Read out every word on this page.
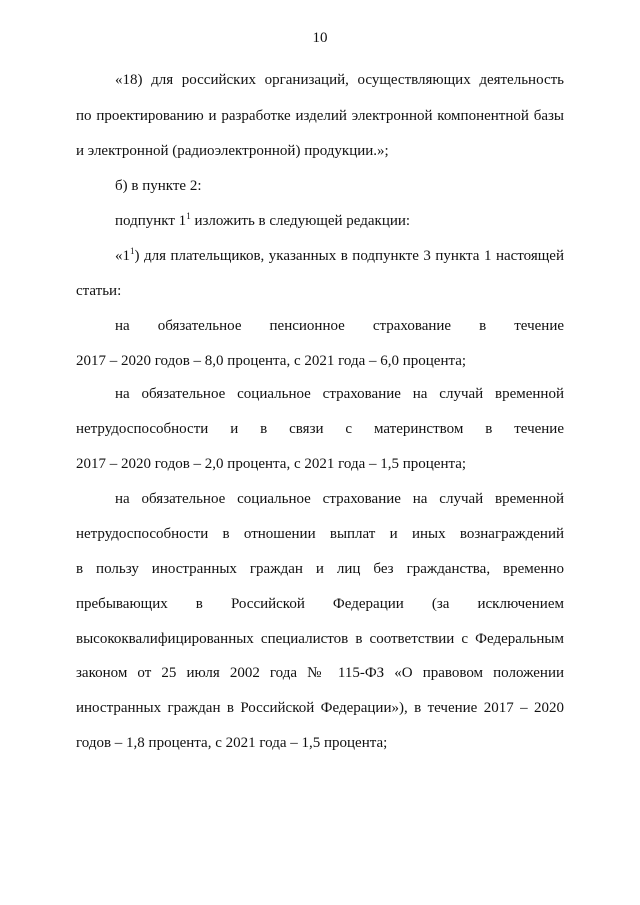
10
«18) для российских организаций, осуществляющих деятельность
по проектированию и разработке изделий электронной компонентной базы
и электронной (радиоэлектронной) продукции.»;
б) в пункте 2:
подпункт $1^1$ изложить в следующей редакции:
«$1^1$) для плательщиков, указанных в подпункте 3 пункта 1 настоящей
статьи:
на обязательное пенсионное страхование в течение
2017 – 2020 годов – 8,0 процента, с 2021 года – 6,0 процента;
на обязательное социальное страхование на случай временной
нетрудоспособности и в связи с материнством в течение
2017 – 2020 годов – 2,0 процента, с 2021 года – 1,5 процента;
на обязательное социальное страхование на случай временной
нетрудоспособности в отношении выплат и иных вознаграждений
в пользу иностранных граждан и лиц без гражданства, временно
пребывающих в Российской Федерации (за исключением
высококвалифицированных специалистов в соответствии с Федеральным
законом от 25 июля 2002 года № 115-ФЗ «О правовом положении
иностранных граждан в Российской Федерации»), в течение 2017 – 2020
годов – 1,8 процента, с 2021 года – 1,5 процента;
